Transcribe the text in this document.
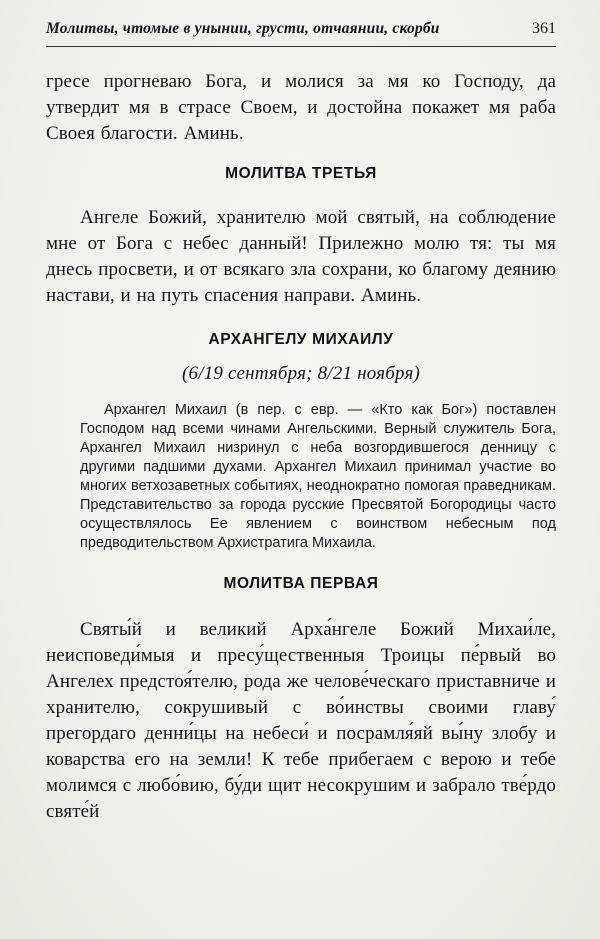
Молитвы, чтомые в унынии, грусти, отчаянии, скорби	361

гресе прогневаю Бога, и молися за мя ко Господу, да утвердит мя в страсе Своем, и достойна покажет мя раба Своея благости. Аминь.

МОЛИТВА ТРЕТЬЯ

Ангеле Божий, хранителю мой святый, на соблюдение мне от Бога с небес данный! Прилежно молю тя: ты мя днесь просвети, и от всякаго зла сохрани, ко благому деянию настави, и на путь спасения направи. Аминь.

АРХАНГЕЛУ МИХАИЛУ

(6/19 сентября; 8/21 ноября)

Архангел Михаил (в пер. с евр. — «Кто как Бог») поставлен Господом над всеми чинами Ангельскими. Верный служитель Бога, Архангел Михаил низринул с неба возгордившегося денницу с другими падшими духами. Архангел Михаил принимал участие во многих ветхозаветных событиях, неоднократно помогая праведникам. Представительство за города русские Пресвятой Богородицы часто осуществлялось Ее явлением с воинством небесным под предводительством Архистратига Михаила.

МОЛИТВА ПЕРВАЯ

Святы́й и великий Арха́нгеле Божий Михаи́ле, неисповеди́мыя и пресу́щественныя Троицы пе́рвый во Ангелех предстоя́телю, рода же челове́ческаго приставниче и хранителю, сокрушивый с во́инствы своими главу́ прегордаго денни́цы на небеси́ и посрамля́яй вы́ну злобу и коварства его на земли! К тебе прибегаем с верою и тебе молимся с любо́вию, бу́ди щит несокрушим и забрало тве́рдо святе́й
